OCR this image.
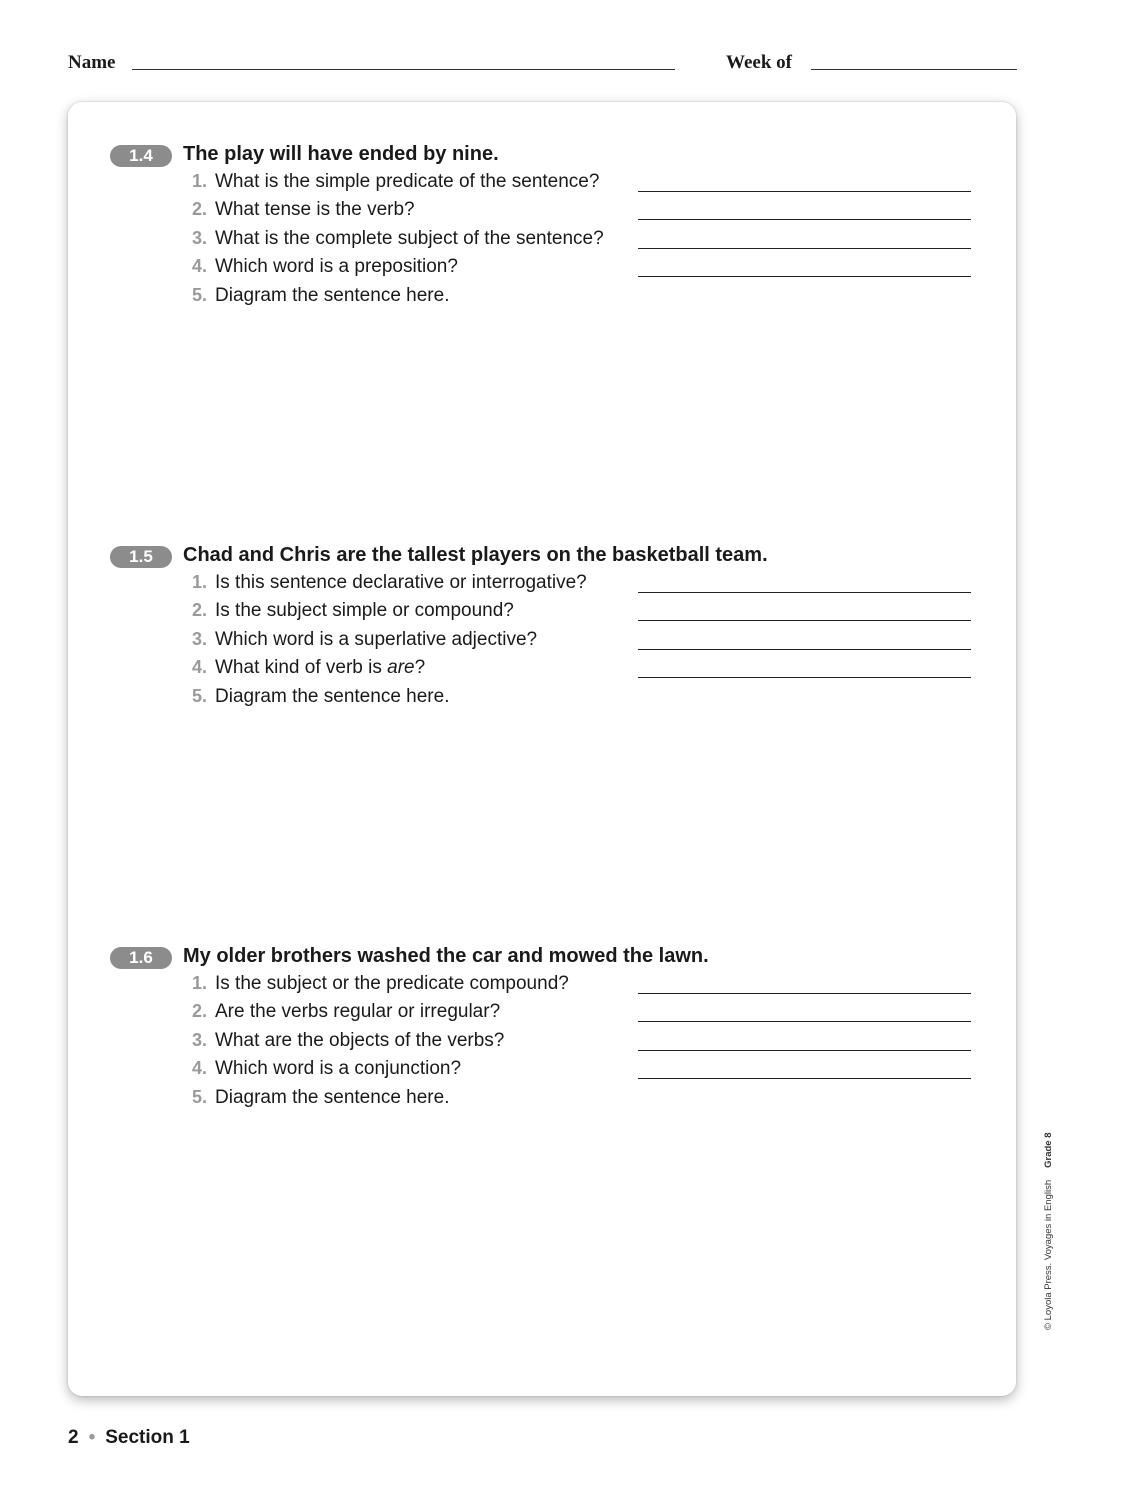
Name	Week of
1.4	The play will have ended by nine.
1. What is the simple predicate of the sentence?
2. What tense is the verb?
3. What is the complete subject of the sentence?
4. Which word is a preposition?
5. Diagram the sentence here.
1.5	Chad and Chris are the tallest players on the basketball team.
1. Is this sentence declarative or interrogative?
2. Is the subject simple or compound?
3. Which word is a superlative adjective?
4. What kind of verb is are?
5. Diagram the sentence here.
1.6	My older brothers washed the car and mowed the lawn.
1. Is the subject or the predicate compound?
2. Are the verbs regular or irregular?
3. What are the objects of the verbs?
4. Which word is a conjunction?
5. Diagram the sentence here.
© Loyola Press. Voyages in EnglishGrade 8
2 • Section 1
